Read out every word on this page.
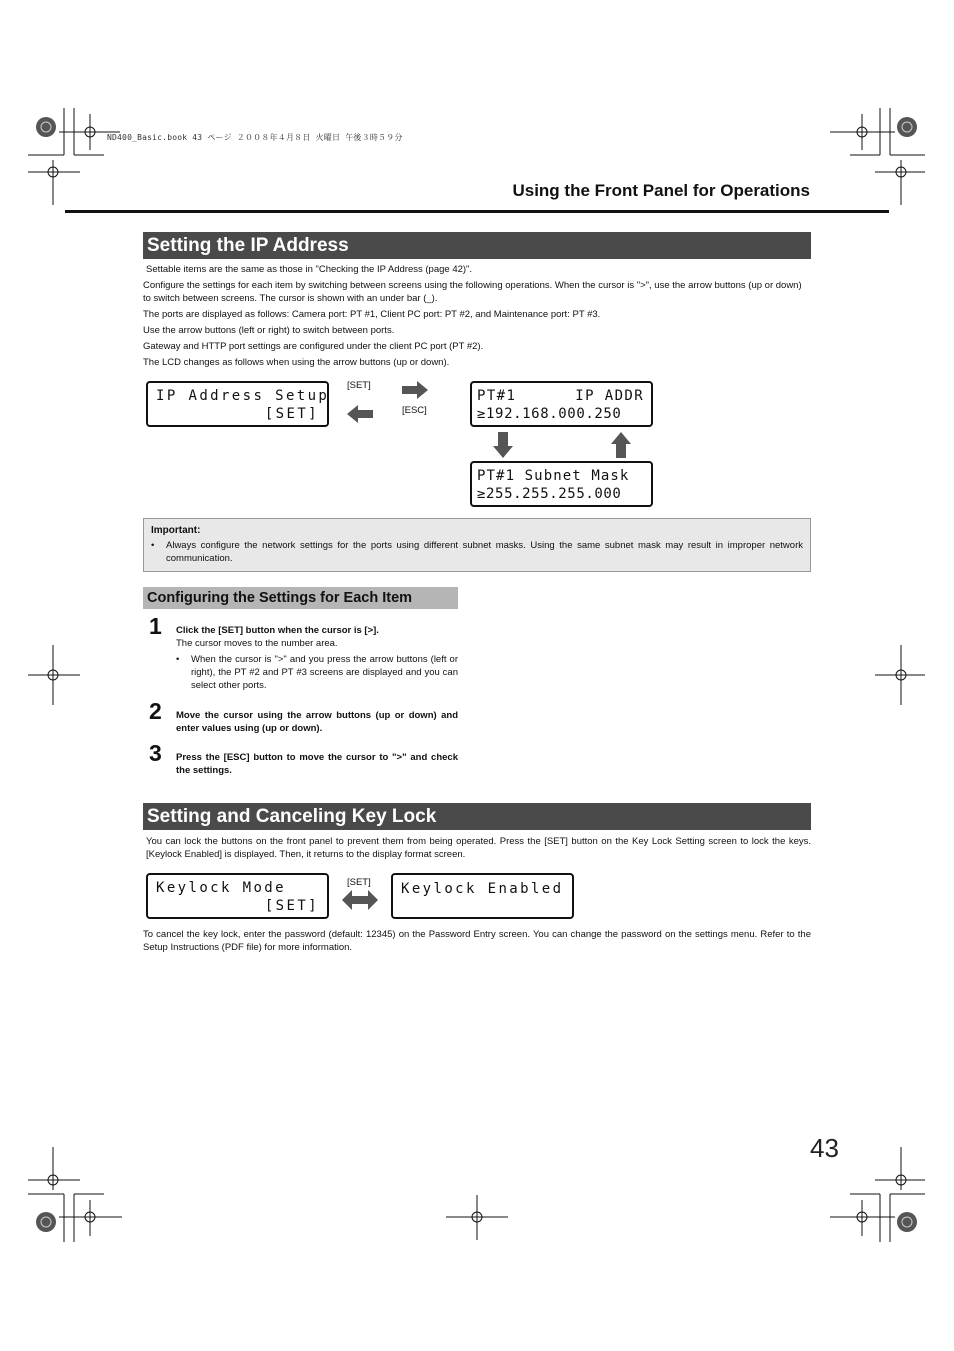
ND400_Basic.book 43 ページ ２００８年４月８日 火曜日 午後３時５９分
Using the Front Panel for Operations
Setting the IP Address

Settable items are the same as those in "Checking the IP Address (page 42)".

Configure the settings for each item by switching between screens using the following operations. When the cursor is ">", use the arrow buttons (up or down) to switch between screens. The cursor is shown with an under bar (_).

The ports are displayed as follows: Camera port: PT #1, Client PC port: PT #2, and Maintenance port: PT #3.

Use the arrow buttons (left or right) to switch between ports.

Gateway and HTTP port settings are configured under the client PC port (PT #2).

The LCD changes as follows when using the arrow buttons (up or down).

IP Address Setup
[SET]
[SET]
[ESC]
PT#1      IP ADDR
≥192.168.000.250
PT#1 Subnet Mask
≥255.255.255.000
Important:
• Always configure the network settings for the ports using different subnet masks. Using the same subnet mask may result in improper network communication.
Configuring the Settings for Each Item
1 Click the [SET] button when the cursor is [>].
The cursor moves to the number area.
• When the cursor is ">" and you press the arrow buttons (left or right), the PT #2 and PT #3 screens are displayed and you can select other ports.
2 Move the cursor using the arrow buttons (up or down) and enter values using (up or down).
3 Press the [ESC] button to move the cursor to ">" and check the settings.
Setting and Canceling Key Lock

You can lock the buttons on the front panel to prevent them from being operated. Press the [SET] button on the Key Lock Setting screen to lock the keys. [Keylock Enabled] is displayed. Then, it returns to the display format screen.

Keylock Mode
[SET]
[SET] Keylock Enabled

To cancel the key lock, enter the password (default: 12345) on the Password Entry screen. You can change the password on the settings menu. Refer to the Setup Instructions (PDF file) for more information.

43
